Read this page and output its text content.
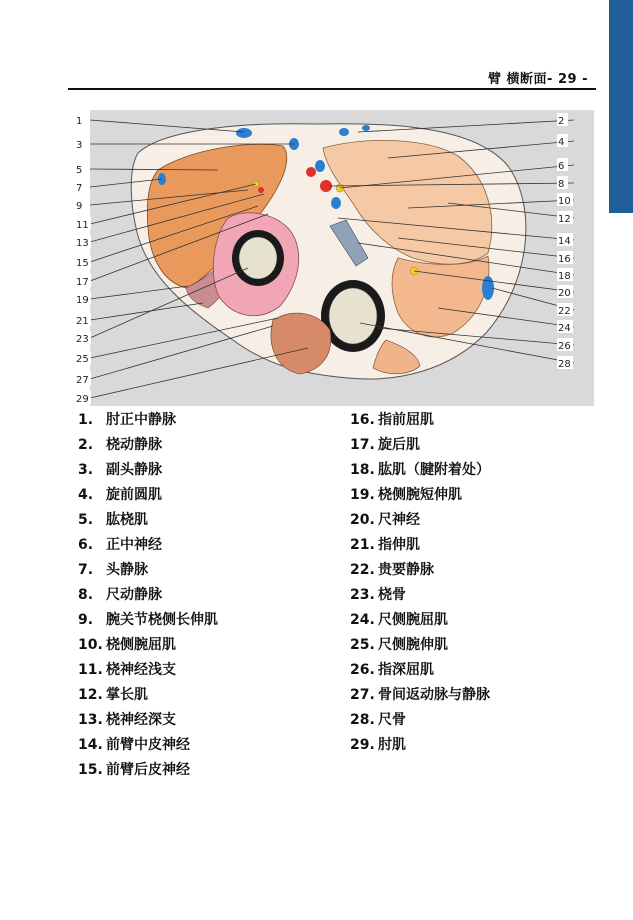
臂 横断面- 29 -
1
3
5
7
9
11
13
15
17
19
21
23
25
27
29
2
4
6
8
10
12
14
16
18
20
22
24
26
28
1. 肘正中静脉
2. 桡动静脉
3. 副头静脉
4. 旋前圆肌
5. 肱桡肌
6. 正中神经
7. 头静脉
8. 尺动静脉
9. 腕关节桡侧长伸肌
10. 桡侧腕屈肌
11. 桡神经浅支
12. 掌长肌
13. 桡神经深支
14. 前臂中皮神经
15. 前臂后皮神经
16. 指前屈肌
17. 旋后肌
18. 肱肌（腱附着处）
19. 桡侧腕短伸肌
20. 尺神经
21. 指伸肌
22. 贵要静脉
23. 桡骨
24. 尺侧腕屈肌
25. 尺侧腕伸肌
26. 指深屈肌
27. 骨间返动脉与静脉
28. 尺骨
29. 肘肌
